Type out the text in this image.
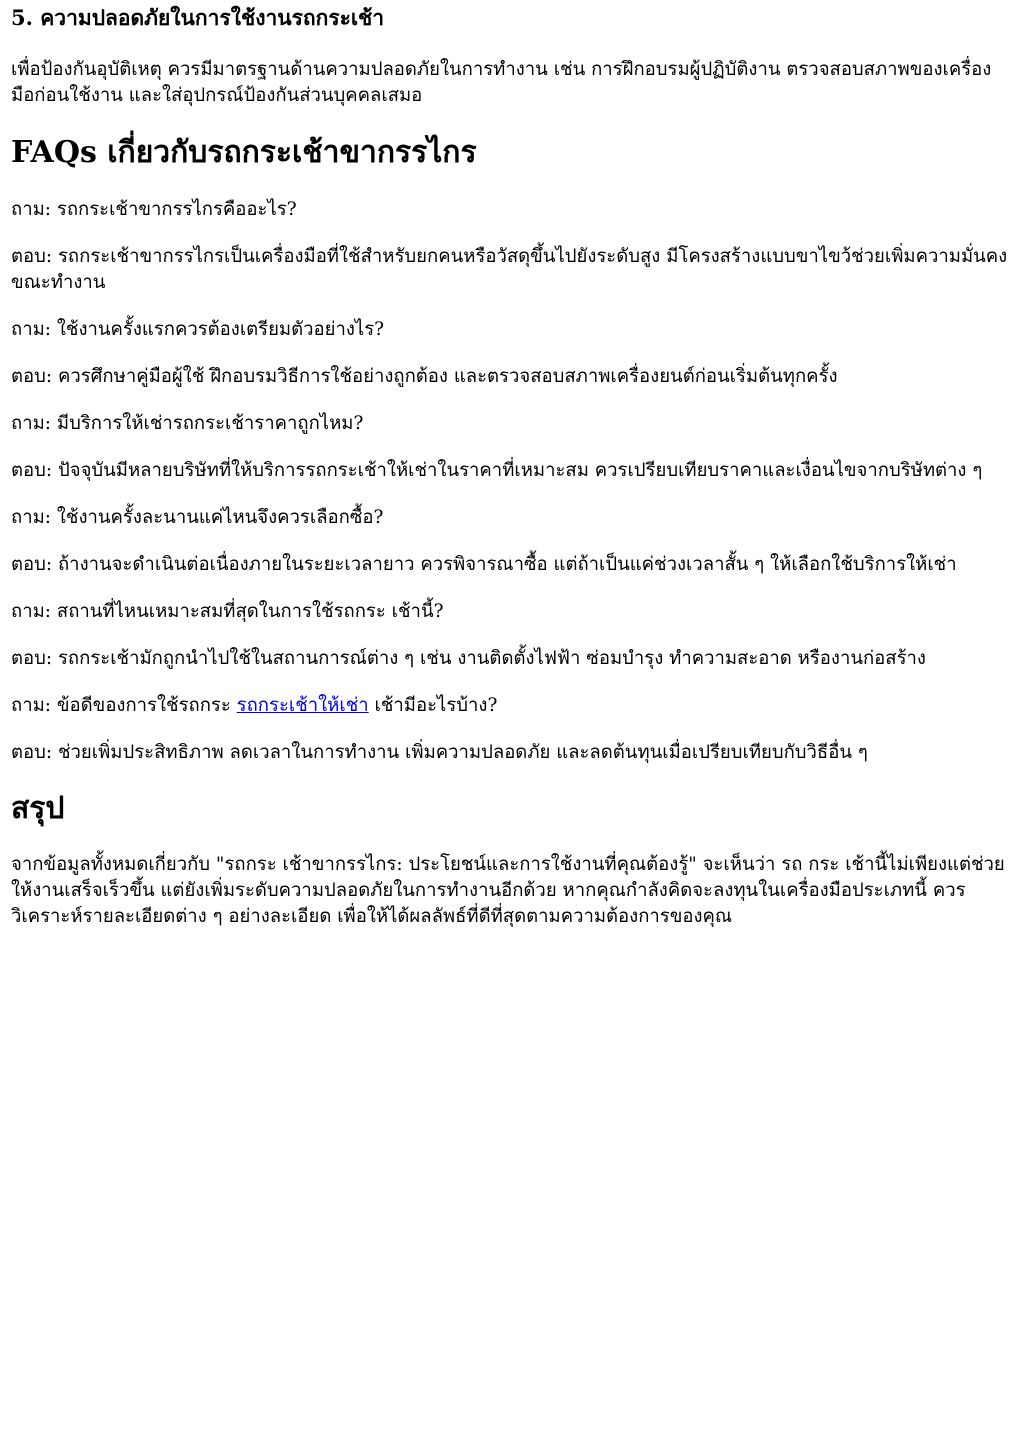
5. ความปลอดภัยในการใช้งานรถกระเช้า

เพื่อป้องกันอุบัติเหตุ ควรมีมาตรฐานด้านความปลอดภัยในการทำงาน เช่น การฝึกอบรมผู้ปฏิบัติงาน ตรวจสอบสภาพของเครื่องมือก่อนใช้งาน และใส่อุปกรณ์ป้องกันส่วนบุคคลเสมอ

FAQs เกี่ยวกับรถกระเช้าขากรรไกร

ถาม: รถกระเช้าขากรรไกรคืออะไร?

ตอบ: รถกระเช้าขากรรไกรเป็นเครื่องมือที่ใช้สำหรับยกคนหรือวัสดุขึ้นไปยังระดับสูง มีโครงสร้างแบบขาไขว้ช่วยเพิ่มความมั่นคงขณะทำงาน

ถาม: ใช้งานครั้งแรกควรต้องเตรียมตัวอย่างไร?

ตอบ: ควรศึกษาคู่มือผู้ใช้ ฝึกอบรมวิธีการใช้อย่างถูกต้อง และตรวจสอบสภาพเครื่องยนต์ก่อนเริ่มต้นทุกครั้ง

ถาม: มีบริการให้เช่ารถกระเช้าราคาถูกไหม?

ตอบ: ปัจจุบันมีหลายบริษัทที่ให้บริการรถกระเช้าให้เช่าในราคาที่เหมาะสม ควรเปรียบเทียบราคาและเงื่อนไขจากบริษัทต่าง ๆ

ถาม: ใช้งานครั้งละนานแค่ไหนจึงควรเลือกซื้อ?

ตอบ: ถ้างานจะดำเนินต่อเนื่องภายในระยะเวลายาว ควรพิจารณาซื้อ แต่ถ้าเป็นแค่ช่วงเวลาสั้น ๆ ให้เลือกใช้บริการให้เช่า

ถาม: สถานที่ไหนเหมาะสมที่สุดในการใช้รถกระ เช้านี้?

ตอบ: รถกระเช้ามักถูกนำไปใช้ในสถานการณ์ต่าง ๆ เช่น งานติดตั้งไฟฟ้า ซ่อมบำรุง ทำความสะอาด หรืองานก่อสร้าง

ถาม: ข้อดีของการใช้รถกระ รถกระเช้าให้เช่า เช้ามีอะไรบ้าง?

ตอบ: ช่วยเพิ่มประสิทธิภาพ ลดเวลาในการทำงาน เพิ่มความปลอดภัย และลดต้นทุนเมื่อเปรียบเทียบกับวิธีอื่น ๆ

สรุป

จากข้อมูลทั้งหมดเกี่ยวกับ "รถกระ เช้าขากรรไกร: ประโยชน์และการใช้งานที่คุณต้องรู้" จะเห็นว่า รถ กระ เช้านี้ไม่เพียงแต่ช่วยให้งานเสร็จเร็วขึ้น แต่ยังเพิ่มระดับความปลอดภัยในการทำงานอีกด้วย หากคุณกำลังคิดจะลงทุนในเครื่องมือประเภทนี้ ควรวิเคราะห์รายละเอียดต่าง ๆ อย่างละเอียด เพื่อให้ได้ผลลัพธ์ที่ดีที่สุดตามความต้องการของคุณ
